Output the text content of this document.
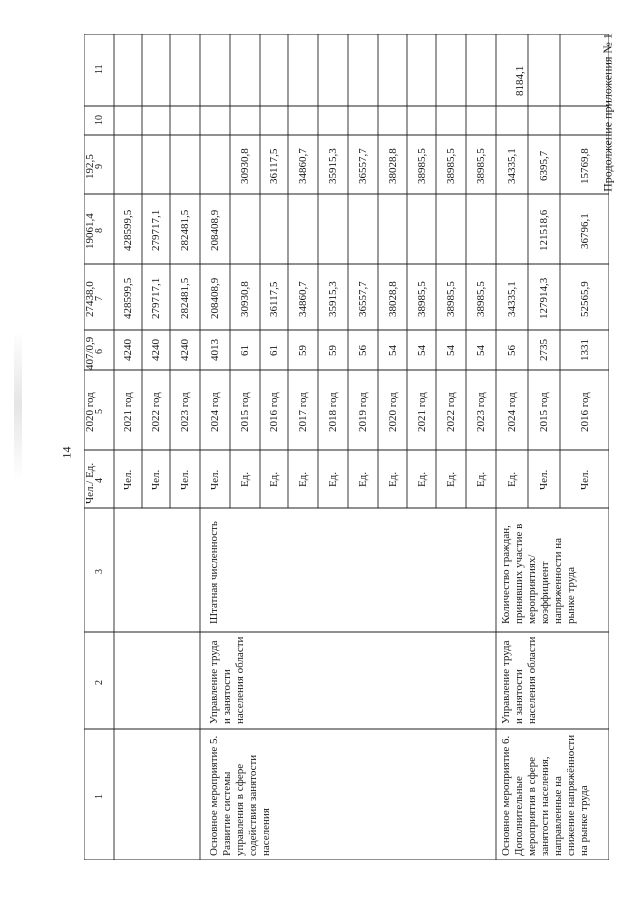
14
Продолжение приложения № 1
1
2
3
4
5
6
7
8
9
10
11
Чел.
2021 год
4240
428599,5
428599,5
Чел.
2022 год
4240
279717,1
279717,1
Чел.
2023 год
4240
282481,5
282481,5
Чел.
2024 год
4013
208408,9
208408,9
Ед.
2015 год
61
30930,8
30930,8
Ед.
2016 год
61
36117,5
36117,5
Ед.
2017 год
59
34860,7
34860,7
Ед.
2018 год
59
35915,3
35915,3
Ед.
2019 год
56
36557,7
36557,7
Ед.
2020 год
54
38028,8
38028,8
Ед.
2021 год
54
38985,5
38985,5
Ед.
2022 год
54
38985,5
38985,5
Ед.
2023 год
54
38985,5
38985,5
Ед.
2024 год
56
34335,1
34335,1
Чел.
2015 год
2735
127914,3
121518,6
6395,7
Чел.
2016 год
1331
52565,9
36796,1
15769,8
Чел./ Ед.
2020 год
407/0,9
27438,0
19061,4
192,5
8184,1
Основное мероприятие 5. Развитие системы управления в сфере содействия занятости населения
Управление труда и занятости населения области
Штатная численность
Основное мероприятие 6. Дополнительные мероприятия в сфере занятости населения, направленные на снижение напряжённости на рынке труда
Управление труда и занятости населения области
Количество граждан, принявших участие в мероприятиях/коэффициент напряженности на рынке труда
